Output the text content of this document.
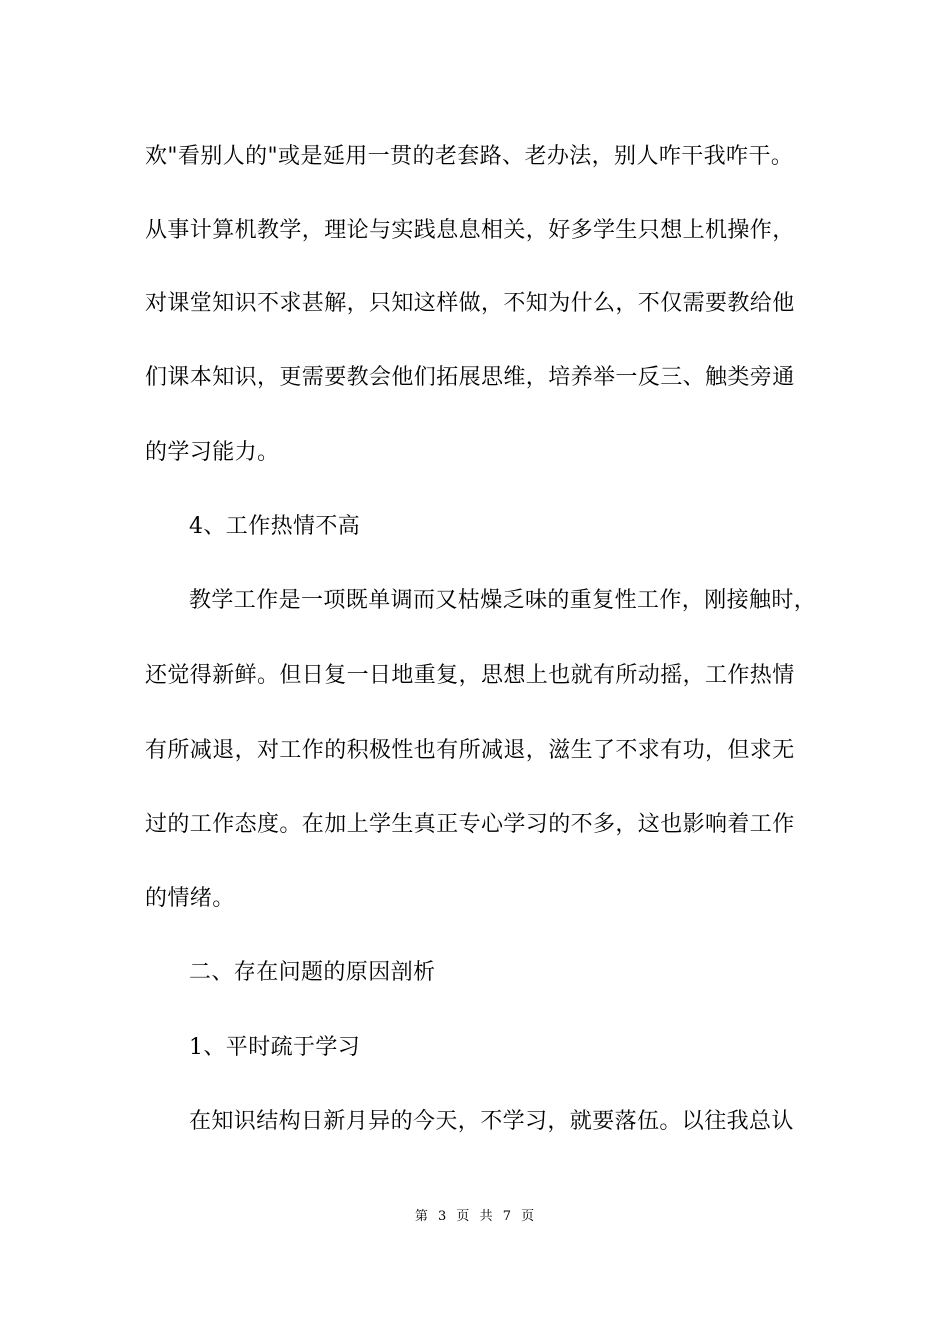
欢"看别人的"或是延用一贯的老套路、老办法，别人咋干我咋干。
从事计算机教学，理论与实践息息相关，好多学生只想上机操作，
对课堂知识不求甚解，只知这样做，不知为什么，不仅需要教给他
们课本知识，更需要教会他们拓展思维，培养举一反三、触类旁通
的学习能力。
4、工作热情不高
教学工作是一项既单调而又枯燥乏味的重复性工作，刚接触时，
还觉得新鲜。但日复一日地重复，思想上也就有所动摇，工作热情
有所减退，对工作的积极性也有所减退，滋生了不求有功，但求无
过的工作态度。在加上学生真正专心学习的不多，这也影响着工作
的情绪。
二、存在问题的原因剖析
1、平时疏于学习
在知识结构日新月异的今天，不学习，就要落伍。以往我总认
第 3 页 共 7 页
